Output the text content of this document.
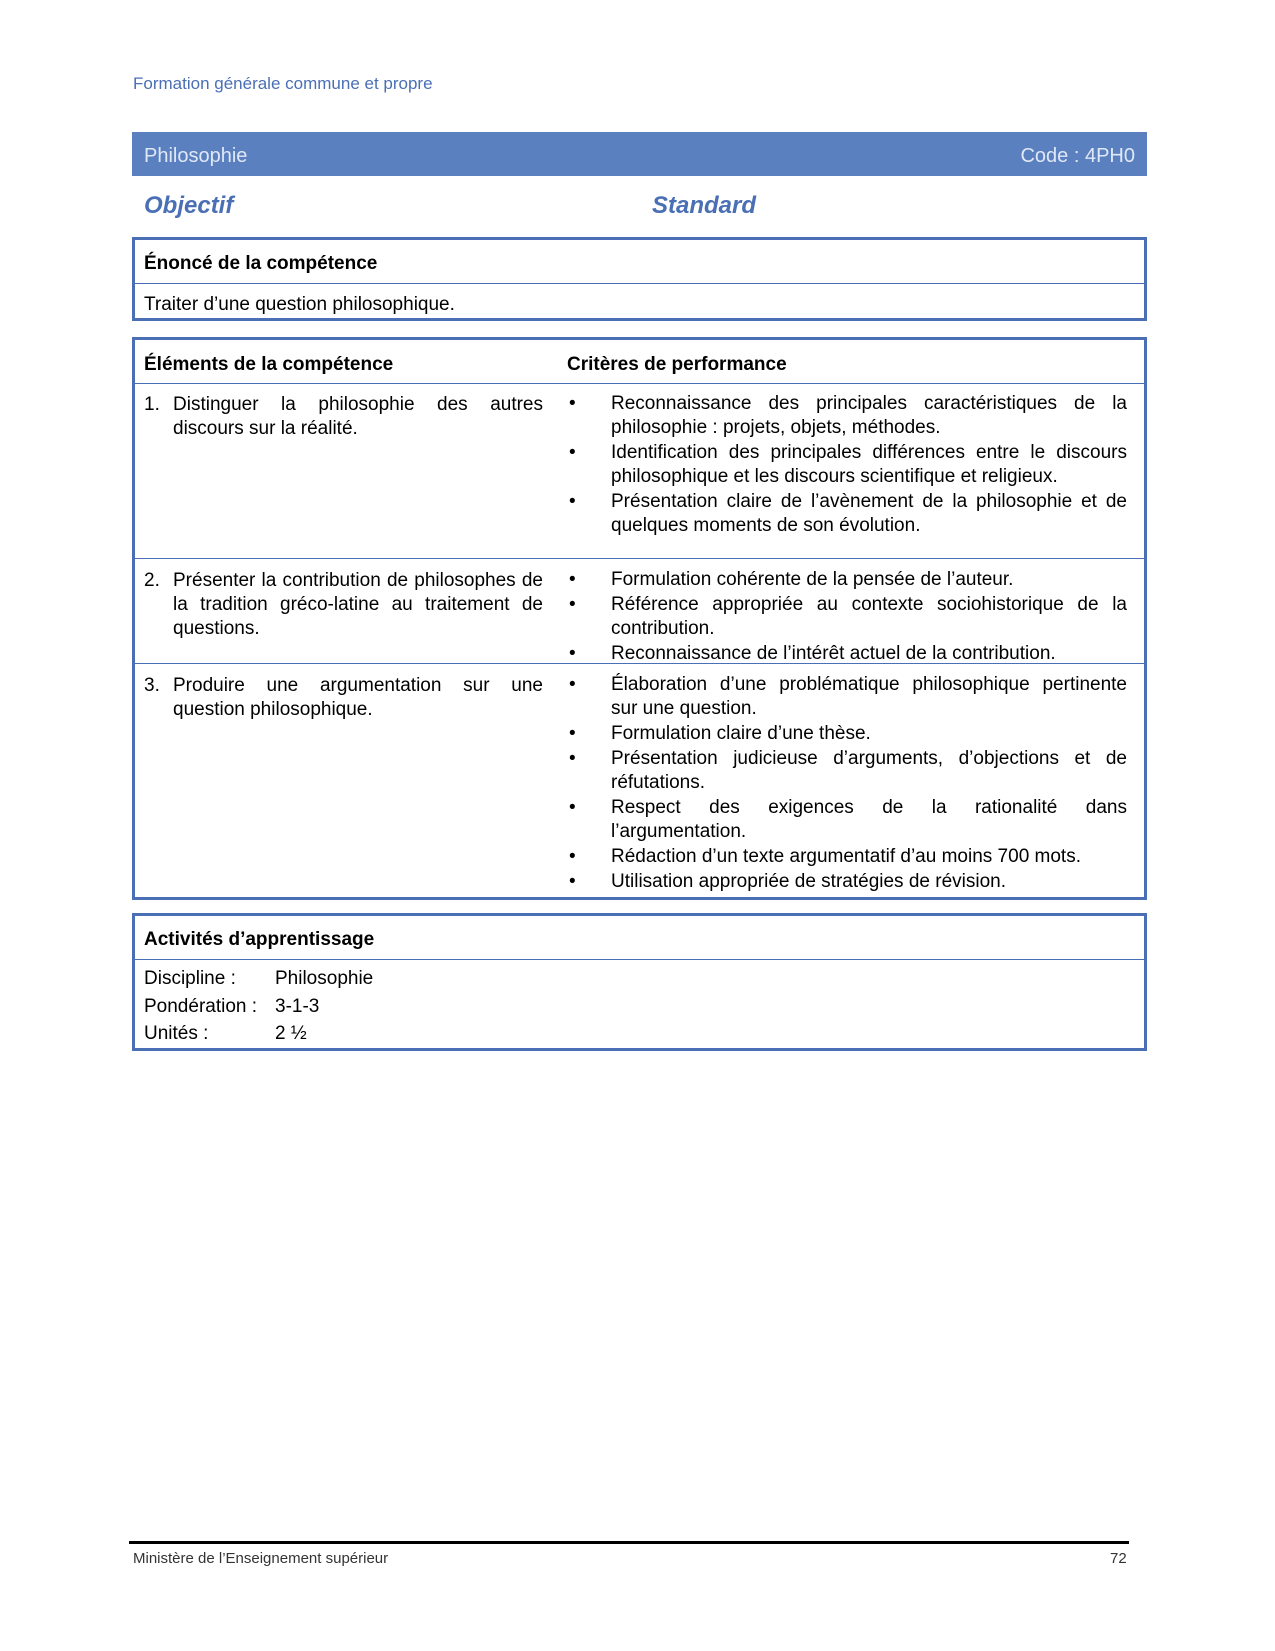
Formation générale commune et propre
Philosophie	Code : 4PH0
Objectif	Standard
Énoncé de la compétence
Traiter d’une question philosophique.
Éléments de la compétence	Critères de performance
1. Distinguer la philosophie des autres discours sur la réalité.
• Reconnaissance des principales caractéristiques de la philosophie : projets, objets, méthodes.
• Identification des principales différences entre le discours philosophique et les discours scientifique et religieux.
• Présentation claire de l’avènement de la philosophie et de quelques moments de son évolution.
2. Présenter la contribution de philosophes de la tradition gréco-latine au traitement de questions.
• Formulation cohérente de la pensée de l’auteur.
• Référence appropriée au contexte sociohistorique de la contribution.
• Reconnaissance de l’intérêt actuel de la contribution.
3. Produire une argumentation sur une question philosophique.
• Élaboration d’une problématique philosophique pertinente sur une question.
• Formulation claire d’une thèse.
• Présentation judicieuse d’arguments, d’objections et de réfutations.
• Respect des exigences de la rationalité dans l’argumentation.
• Rédaction d’un texte argumentatif d’au moins 700 mots.
• Utilisation appropriée de stratégies de révision.
Activités d’apprentissage
Discipline : Philosophie
Pondération : 3-1-3
Unités :	2 ½
Ministère de l’Enseignement supérieur	72
